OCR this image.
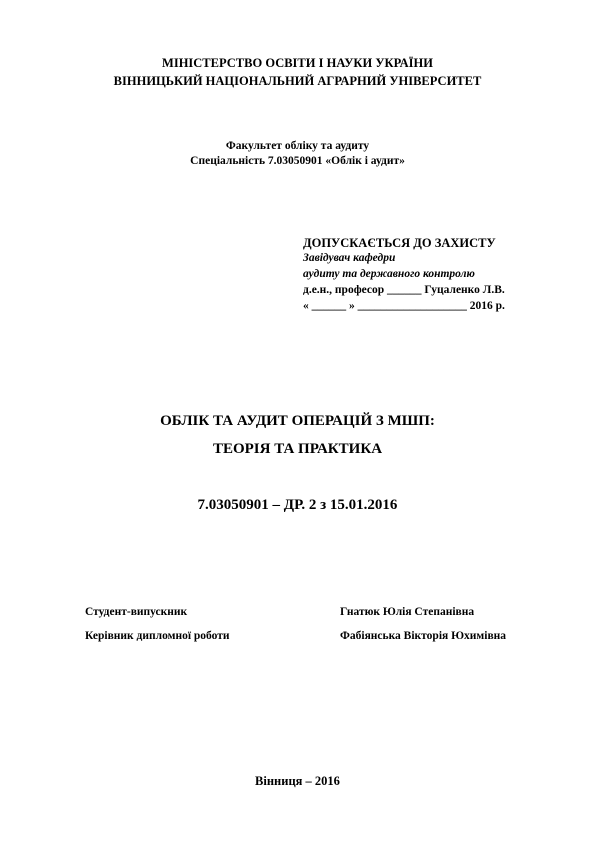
МІНІСТЕРСТВО ОСВІТИ І НАУКИ УКРАЇНИ
ВІННИЦЬКИЙ НАЦІОНАЛЬНИЙ АГРАРНИЙ УНІВЕРСИТЕТ
Факультет обліку та аудиту
Спеціальність 7.03050901 «Облік і аудит»
ДОПУСКАЄТЬСЯ ДО ЗАХИСТУ
Завідувач кафедри
аудиту та державного контролю
д.е.н., професор ______ Гуцаленко Л.В.
« ______ » ___________________ 2016 р.
ОБЛІК ТА АУДИТ ОПЕРАЦІЙ З МШП:
ТЕОРІЯ ТА ПРАКТИКА
7.03050901 – ДР. 2 з 15.01.2016
Студент-випускник	Гнатюк Юлія Степанівна
Керівник дипломної роботи	Фабіянська Вікторія Юхимівна
Вінниця – 2016
